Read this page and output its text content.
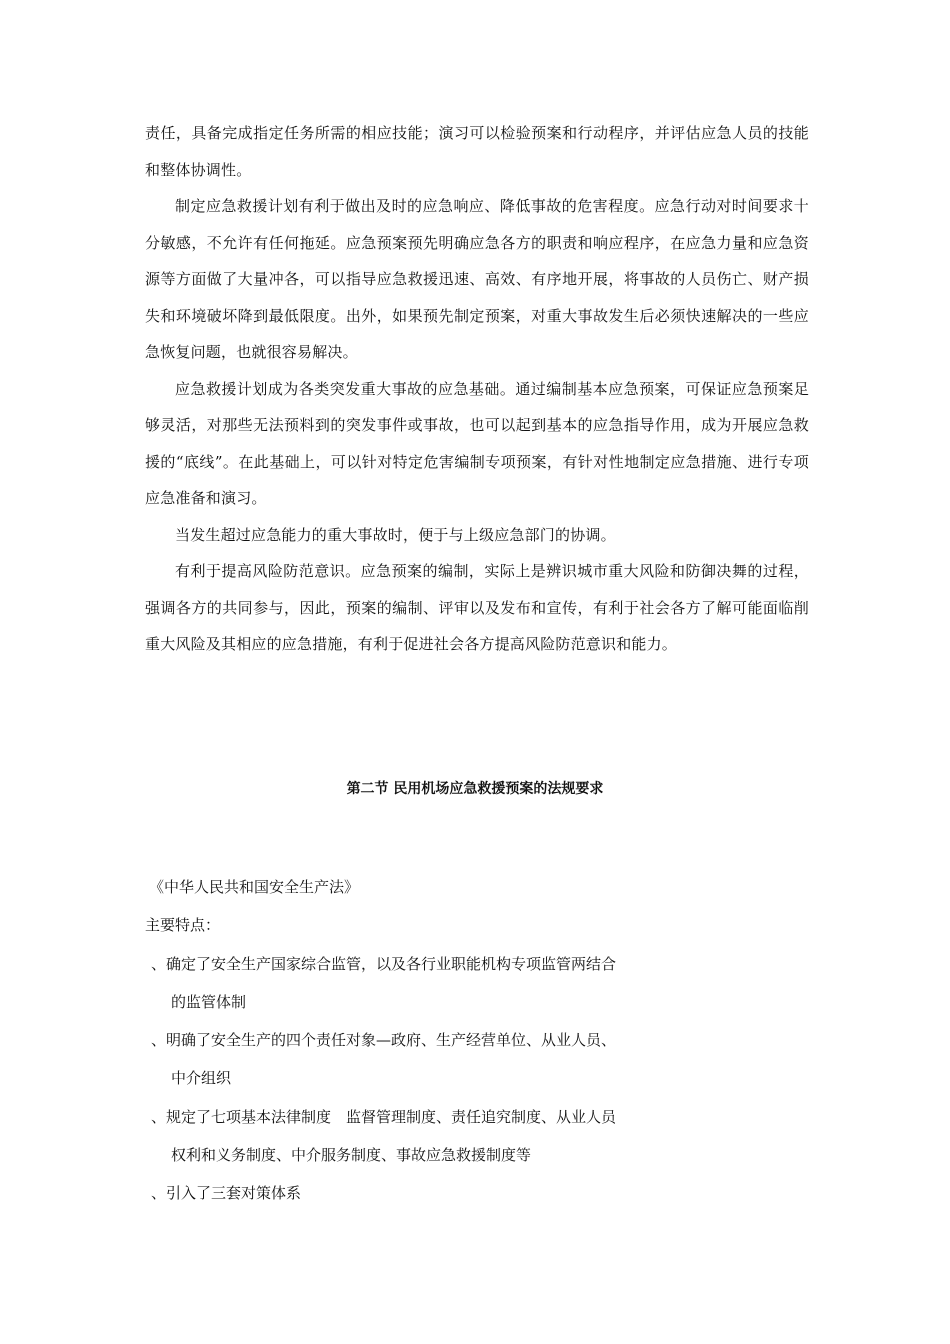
责任，具备完成指定任务所需的相应技能；演习可以检验预案和行动程序，并评估应急人员的技能和整体协调性。

制定应急救援计划有利于做出及时的应急响应、降低事故的危害程度。应急行动对时间要求十分敏感，不允许有任何拖延。应急预案预先明确应急各方的职责和响应程序，在应急力量和应急资源等方面做了大量冲各，可以指导应急救援迅速、高效、有序地开展，将事故的人员伤亡、财产损失和环境破坏降到最低限度。出外，如果预先制定预案，对重大事故发生后必须快速解决的一些应急恢复问题，也就很容易解决。

应急救援计划成为各类突发重大事故的应急基础。通过编制基本应急预案，可保证应急预案足够灵活，对那些无法预料到的突发事件或事故，也可以起到基本的应急指导作用，成为开展应急救援的“底线”。在此基础上，可以针对特定危害编制专项预案，有针对性地制定应急措施、进行专项应急准备和演习。

当发生超过应急能力的重大事故时，便于与上级应急部门的协调。

有利于提高风险防范意识。应急预案的编制，实际上是辨识城市重大风险和防御决舞的过程，强调各方的共同参与，因此，预案的编制、评审以及发布和宣传，有利于社会各方了解可能面临削重大风险及其相应的应急措施，有利于促进社会各方提高风险防范意识和能力。

第二节 民用机场应急救援预案的法规要求

《中华人民共和国安全生产法》

主要特点：

、确定了安全生产国家综合监管，以及各行业职能机构专项监管两结合
的监管体制

、明确了安全生产的四个责任对象—政府、生产经营单位、从业人员、
中介组织

、规定了七项基本法律制度　监督管理制度、责任追究制度、从业人员
权利和义务制度、中介服务制度、事故应急救援制度等

、引入了三套对策体系
